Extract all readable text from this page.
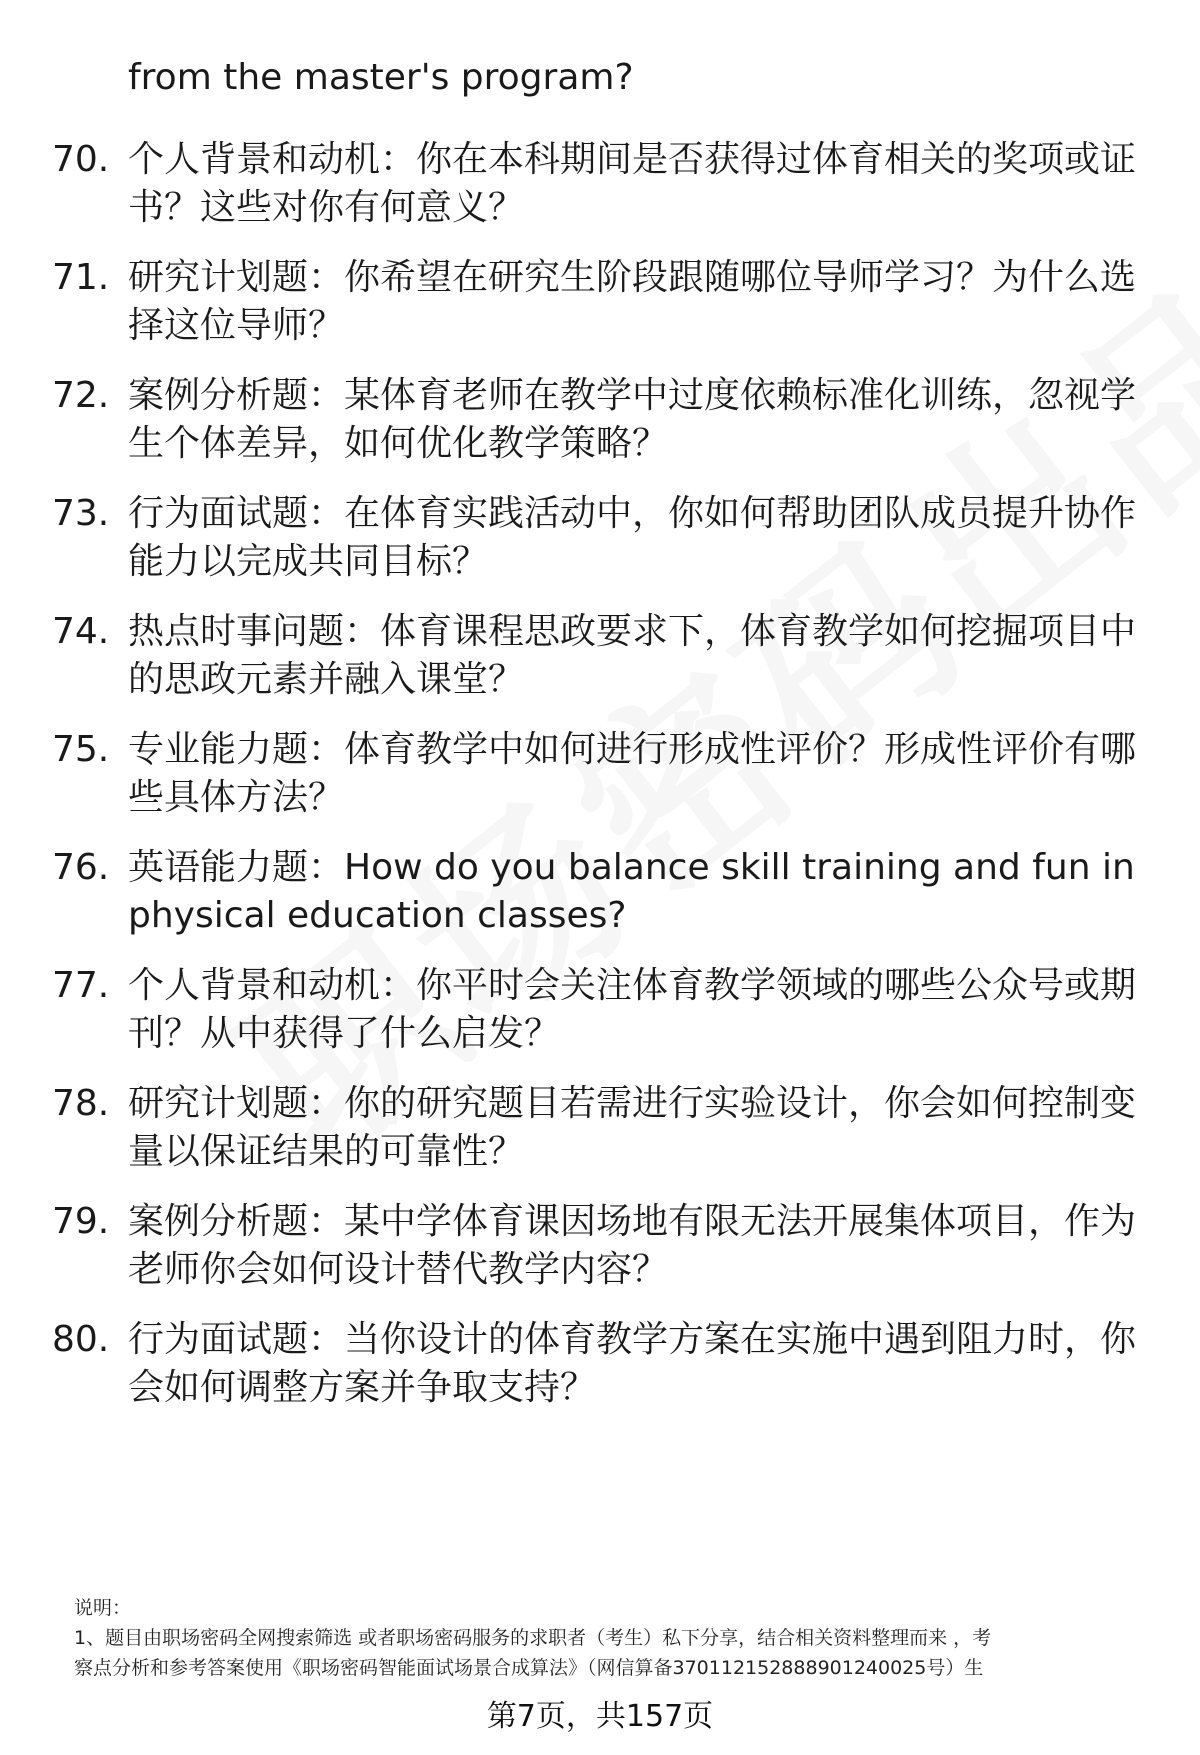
from the master's program?
70. 个人背景和动机：你在本科期间是否获得过体育相关的奖项或证
书？这些对你有何意义？
71. 研究计划题：你希望在研究生阶段跟随哪位导师学习？为什么选
择这位导师？
72. 案例分析题：某体育老师在教学中过度依赖标准化训练，忽视学
生个体差异，如何优化教学策略？
73. 行为面试题：在体育实践活动中，你如何帮助团队成员提升协作
能力以完成共同目标？
74. 热点时事问题：体育课程思政要求下，体育教学如何挖掘项目中
的思政元素并融入课堂？
75. 专业能力题：体育教学中如何进行形成性评价？形成性评价有哪
些具体方法？
76. 英语能力题：How do you balance skill training and fun in
physical education classes?
77. 个人背景和动机：你平时会关注体育教学领域的哪些公众号或期
刊？从中获得了什么启发？
78. 研究计划题：你的研究题目若需进行实验设计，你会如何控制变
量以保证结果的可靠性？
79. 案例分析题：某中学体育课因场地有限无法开展集体项目，作为
老师你会如何设计替代教学内容？
80. 行为面试题：当你设计的体育教学方案在实施中遇到阻力时，你
会如何调整方案并争取支持？
说明：
1、题目由职场密码全网搜索筛选 或者职场密码服务的求职者（考生）私下分享，结合相关资料整理而来 ，考
察点分析和参考答案使用《职场密码智能面试场景合成算法》（网信算备370112152888901240025号）生
第7页，共157页
